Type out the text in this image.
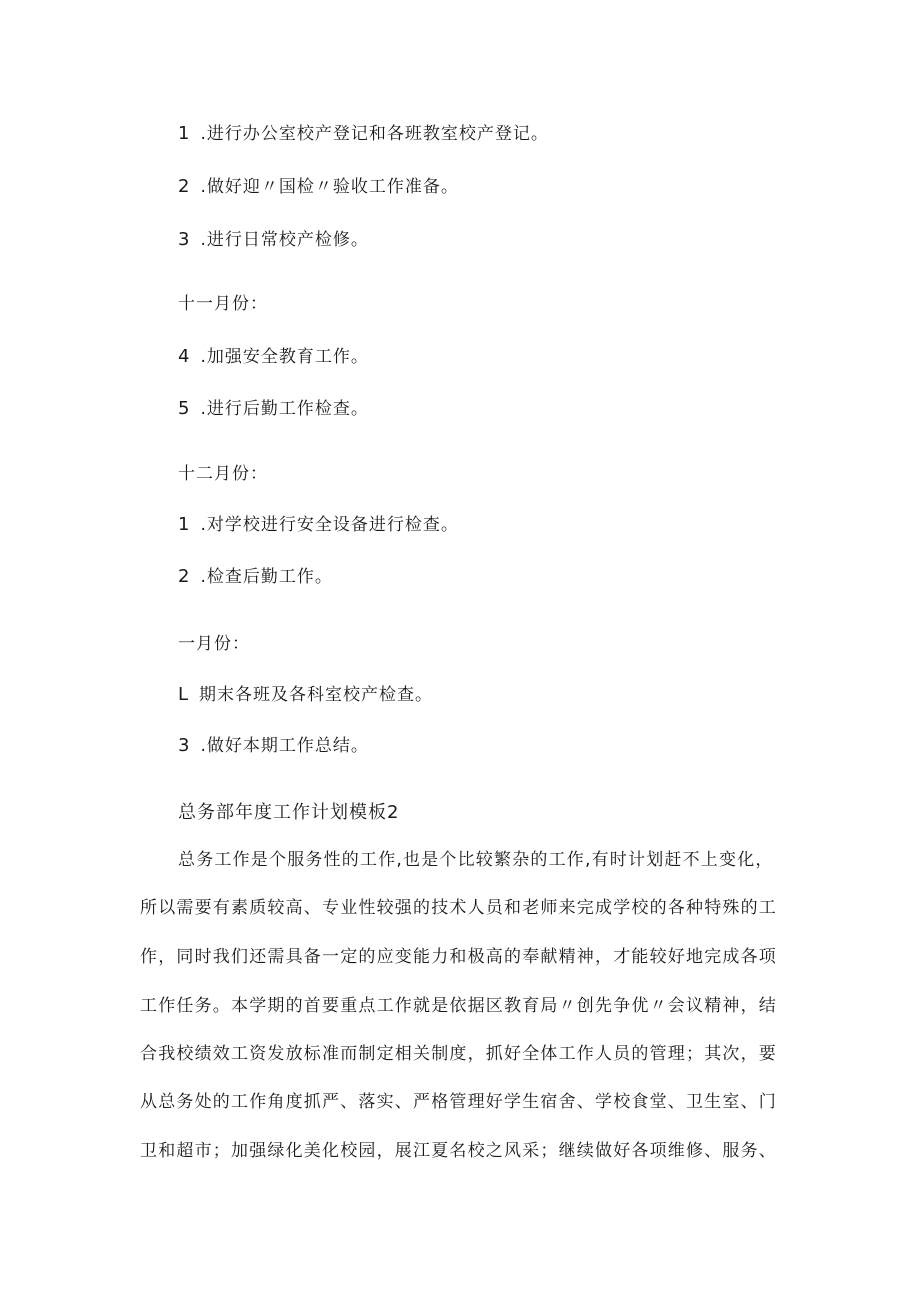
1 .进行办公室校产登记和各班教室校产登记。
2 .做好迎〃国检〃验收工作准备。
3 .进行日常校产检修。
十一月份：
4 .加强安全教育工作。
5 .进行后勤工作检查。
十二月份：
1 .对学校进行安全设备进行检查。
2 .检查后勤工作。
一月份：
L 期末各班及各科室校产检查。
3 .做好本期工作总结。
总务部年度工作计划模板2
总务工作是个服务性的工作,也是个比较繁杂的工作,有时计划赶不上变化，
所以需要有素质较高、专业性较强的技术人员和老师来完成学校的各种特殊的工
作，同时我们还需具备一定的应变能力和极高的奉献精神，才能较好地完成各项
工作任务。本学期的首要重点工作就是依据区教育局〃创先争优〃会议精神，结
合我校绩效工资发放标准而制定相关制度，抓好全体工作人员的管理；其次，要
从总务处的工作角度抓严、落实、严格管理好学生宿舍、学校食堂、卫生室、门
卫和超市；加强绿化美化校园，展江夏名校之风采；继续做好各项维修、服务、
